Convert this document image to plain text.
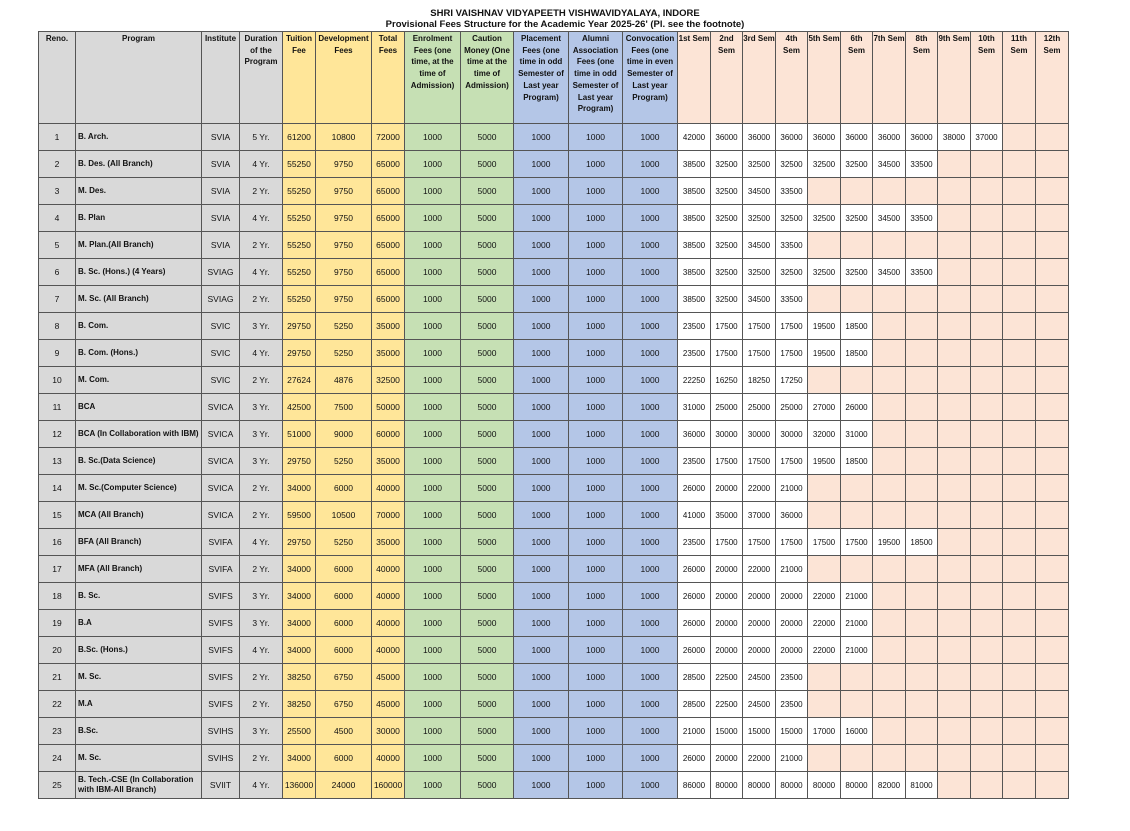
SHRI VAISHNAV VIDYAPEETH VISHWAVIDYALAYA, INDORE
Provisional Fees Structure for the Academic Year 2025-26' (Pl. see the footnote)
Reno.	Program	Institute	Duration of the Program	Tuition Fee	Development Fees	Total Fees	Enrolment Fees (one time, at the time of Admission)	Caution Money (One time at the time of Admission)	Placement Fees (one time in odd Semester of Last year Program)	Alumni Association Fees (one time in odd Semester of Last year Program)	Convocation Fees (one time in even Semester of Last year Program)	1st Sem	2nd Sem	3rd Sem	4th Sem	5th Sem	6th Sem	7th Sem	8th Sem	9th Sem	10th Sem	11th Sem	12th Sem
1	B. Arch.	SVIA	5 Yr.	61200	10800	72000	1000	5000	1000	1000	1000	42000	36000	36000	36000	36000	36000	36000	36000	38000	37000		
2	B. Des. (All Branch)	SVIA	4 Yr.	55250	9750	65000	1000	5000	1000	1000	1000	38500	32500	32500	32500	32500	32500	34500	33500				
3	M. Des.	SVIA	2 Yr.	55250	9750	65000	1000	5000	1000	1000	1000	38500	32500	34500	33500								
4	B. Plan	SVIA	4 Yr.	55250	9750	65000	1000	5000	1000	1000	1000	38500	32500	32500	32500	32500	32500	34500	33500				
5	M. Plan.(All Branch)	SVIA	2 Yr.	55250	9750	65000	1000	5000	1000	1000	1000	38500	32500	34500	33500								
6	B. Sc. (Hons.) (4 Years)	SVIAG	4 Yr.	55250	9750	65000	1000	5000	1000	1000	1000	38500	32500	32500	32500	32500	32500	34500	33500				
7	M. Sc. (All Branch)	SVIAG	2 Yr.	55250	9750	65000	1000	5000	1000	1000	1000	38500	32500	34500	33500								
8	B. Com.	SVIC	3 Yr.	29750	5250	35000	1000	5000	1000	1000	1000	23500	17500	17500	17500	19500	18500						
9	B. Com. (Hons.)	SVIC	4 Yr.	29750	5250	35000	1000	5000	1000	1000	1000	23500	17500	17500	17500	19500	18500						
10	M. Com.	SVIC	2 Yr.	27624	4876	32500	1000	5000	1000	1000	1000	22250	16250	18250	17250								
11	BCA	SVICA	3 Yr.	42500	7500	50000	1000	5000	1000	1000	1000	31000	25000	25000	25000	27000	26000						
12	BCA (In Collaboration with IBM)	SVICA	3 Yr.	51000	9000	60000	1000	5000	1000	1000	1000	36000	30000	30000	30000	32000	31000						
13	B. Sc.(Data Science)	SVICA	3 Yr.	29750	5250	35000	1000	5000	1000	1000	1000	23500	17500	17500	17500	19500	18500						
14	M. Sc.(Computer Science)	SVICA	2 Yr.	34000	6000	40000	1000	5000	1000	1000	1000	26000	20000	22000	21000								
15	MCA (All Branch)	SVICA	2 Yr.	59500	10500	70000	1000	5000	1000	1000	1000	41000	35000	37000	36000								
16	BFA (All Branch)	SVIFA	4 Yr.	29750	5250	35000	1000	5000	1000	1000	1000	23500	17500	17500	17500	17500	17500	19500	18500				
17	MFA (All Branch)	SVIFA	2 Yr.	34000	6000	40000	1000	5000	1000	1000	1000	26000	20000	22000	21000								
18	B. Sc.	SVIFS	3 Yr.	34000	6000	40000	1000	5000	1000	1000	1000	26000	20000	20000	20000	22000	21000						
19	B.A	SVIFS	3 Yr.	34000	6000	40000	1000	5000	1000	1000	1000	26000	20000	20000	20000	22000	21000						
20	B.Sc. (Hons.)	SVIFS	4 Yr.	34000	6000	40000	1000	5000	1000	1000	1000	26000	20000	20000	20000	22000	21000						
21	M. Sc.	SVIFS	2 Yr.	38250	6750	45000	1000	5000	1000	1000	1000	28500	22500	24500	23500								
22	M.A	SVIFS	2 Yr.	38250	6750	45000	1000	5000	1000	1000	1000	28500	22500	24500	23500								
23	B.Sc.	SVIHS	3 Yr.	25500	4500	30000	1000	5000	1000	1000	1000	21000	15000	15000	15000	17000	16000						
24	M. Sc.	SVIHS	2 Yr.	34000	6000	40000	1000	5000	1000	1000	1000	26000	20000	22000	21000								
25	B. Tech.-CSE (In Collaboration with IBM-All Branch)	SVIIT	4 Yr.	136000	24000	160000	1000	5000	1000	1000	1000	86000	80000	80000	80000	80000	80000	82000	81000				
